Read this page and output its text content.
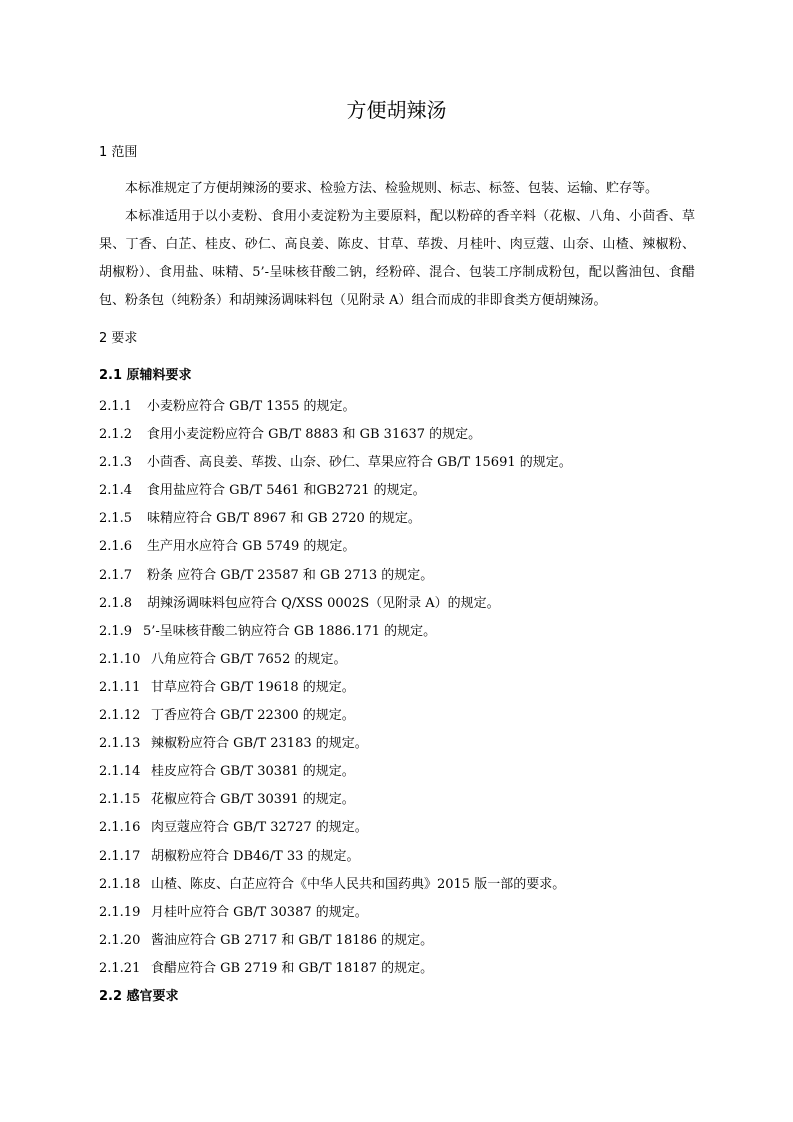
方便胡辣汤

1 范围

本标准规定了方便胡辣汤的要求、检验方法、检验规则、标志、标签、包装、运输、贮存等。

本标准适用于以小麦粉、食用小麦淀粉为主要原料，配以粉碎的香辛料（花椒、八角、小茴香、草果、丁香、白芷、桂皮、砂仁、高良姜、陈皮、甘草、荜拨、月桂叶、肉豆蔻、山奈、山楂、辣椒粉、胡椒粉）、食用盐、味精、5’-呈味核苷酸二钠，经粉碎、混合、包装工序制成粉包，配以酱油包、食醋包、粉条包（纯粉条）和胡辣汤调味料包（见附录 A）组合而成的非即食类方便胡辣汤。

2 要求

2.1 原辅料要求

2.1.1 小麦粉应符合 GB/T 1355 的规定。
2.1.2 食用小麦淀粉应符合 GB/T 8883 和 GB 31637 的规定。
2.1.3 小茴香、高良姜、荜拨、山奈、砂仁、草果应符合 GB/T 15691 的规定。
2.1.4 食用盐应符合 GB/T 5461 和GB2721 的规定。
2.1.5 味精应符合 GB/T 8967 和 GB 2720 的规定。
2.1.6 生产用水应符合 GB 5749 的规定。
2.1.7 粉条 应符合 GB/T 23587 和 GB 2713 的规定。
2.1.8 胡辣汤调味料包应符合 Q/XSS 0002S（见附录 A）的规定。
2.1.9 5’-呈味核苷酸二钠应符合 GB 1886.171 的规定。
2.1.10 八角应符合 GB/T 7652 的规定。
2.1.11 甘草应符合 GB/T 19618 的规定。
2.1.12 丁香应符合 GB/T 22300 的规定。
2.1.13 辣椒粉应符合 GB/T 23183 的规定。
2.1.14 桂皮应符合 GB/T 30381 的规定。
2.1.15 花椒应符合 GB/T 30391 的规定。
2.1.16 肉豆蔻应符合 GB/T 32727 的规定。
2.1.17 胡椒粉应符合 DB46/T 33 的规定。
2.1.18 山楂、陈皮、白芷应符合《中华人民共和国药典》2015 版一部的要求。
2.1.19 月桂叶应符合 GB/T 30387 的规定。
2.1.20 酱油应符合 GB 2717 和 GB/T 18186 的规定。
2.1.21 食醋应符合 GB 2719 和 GB/T 18187 的规定。

2.2 感官要求
